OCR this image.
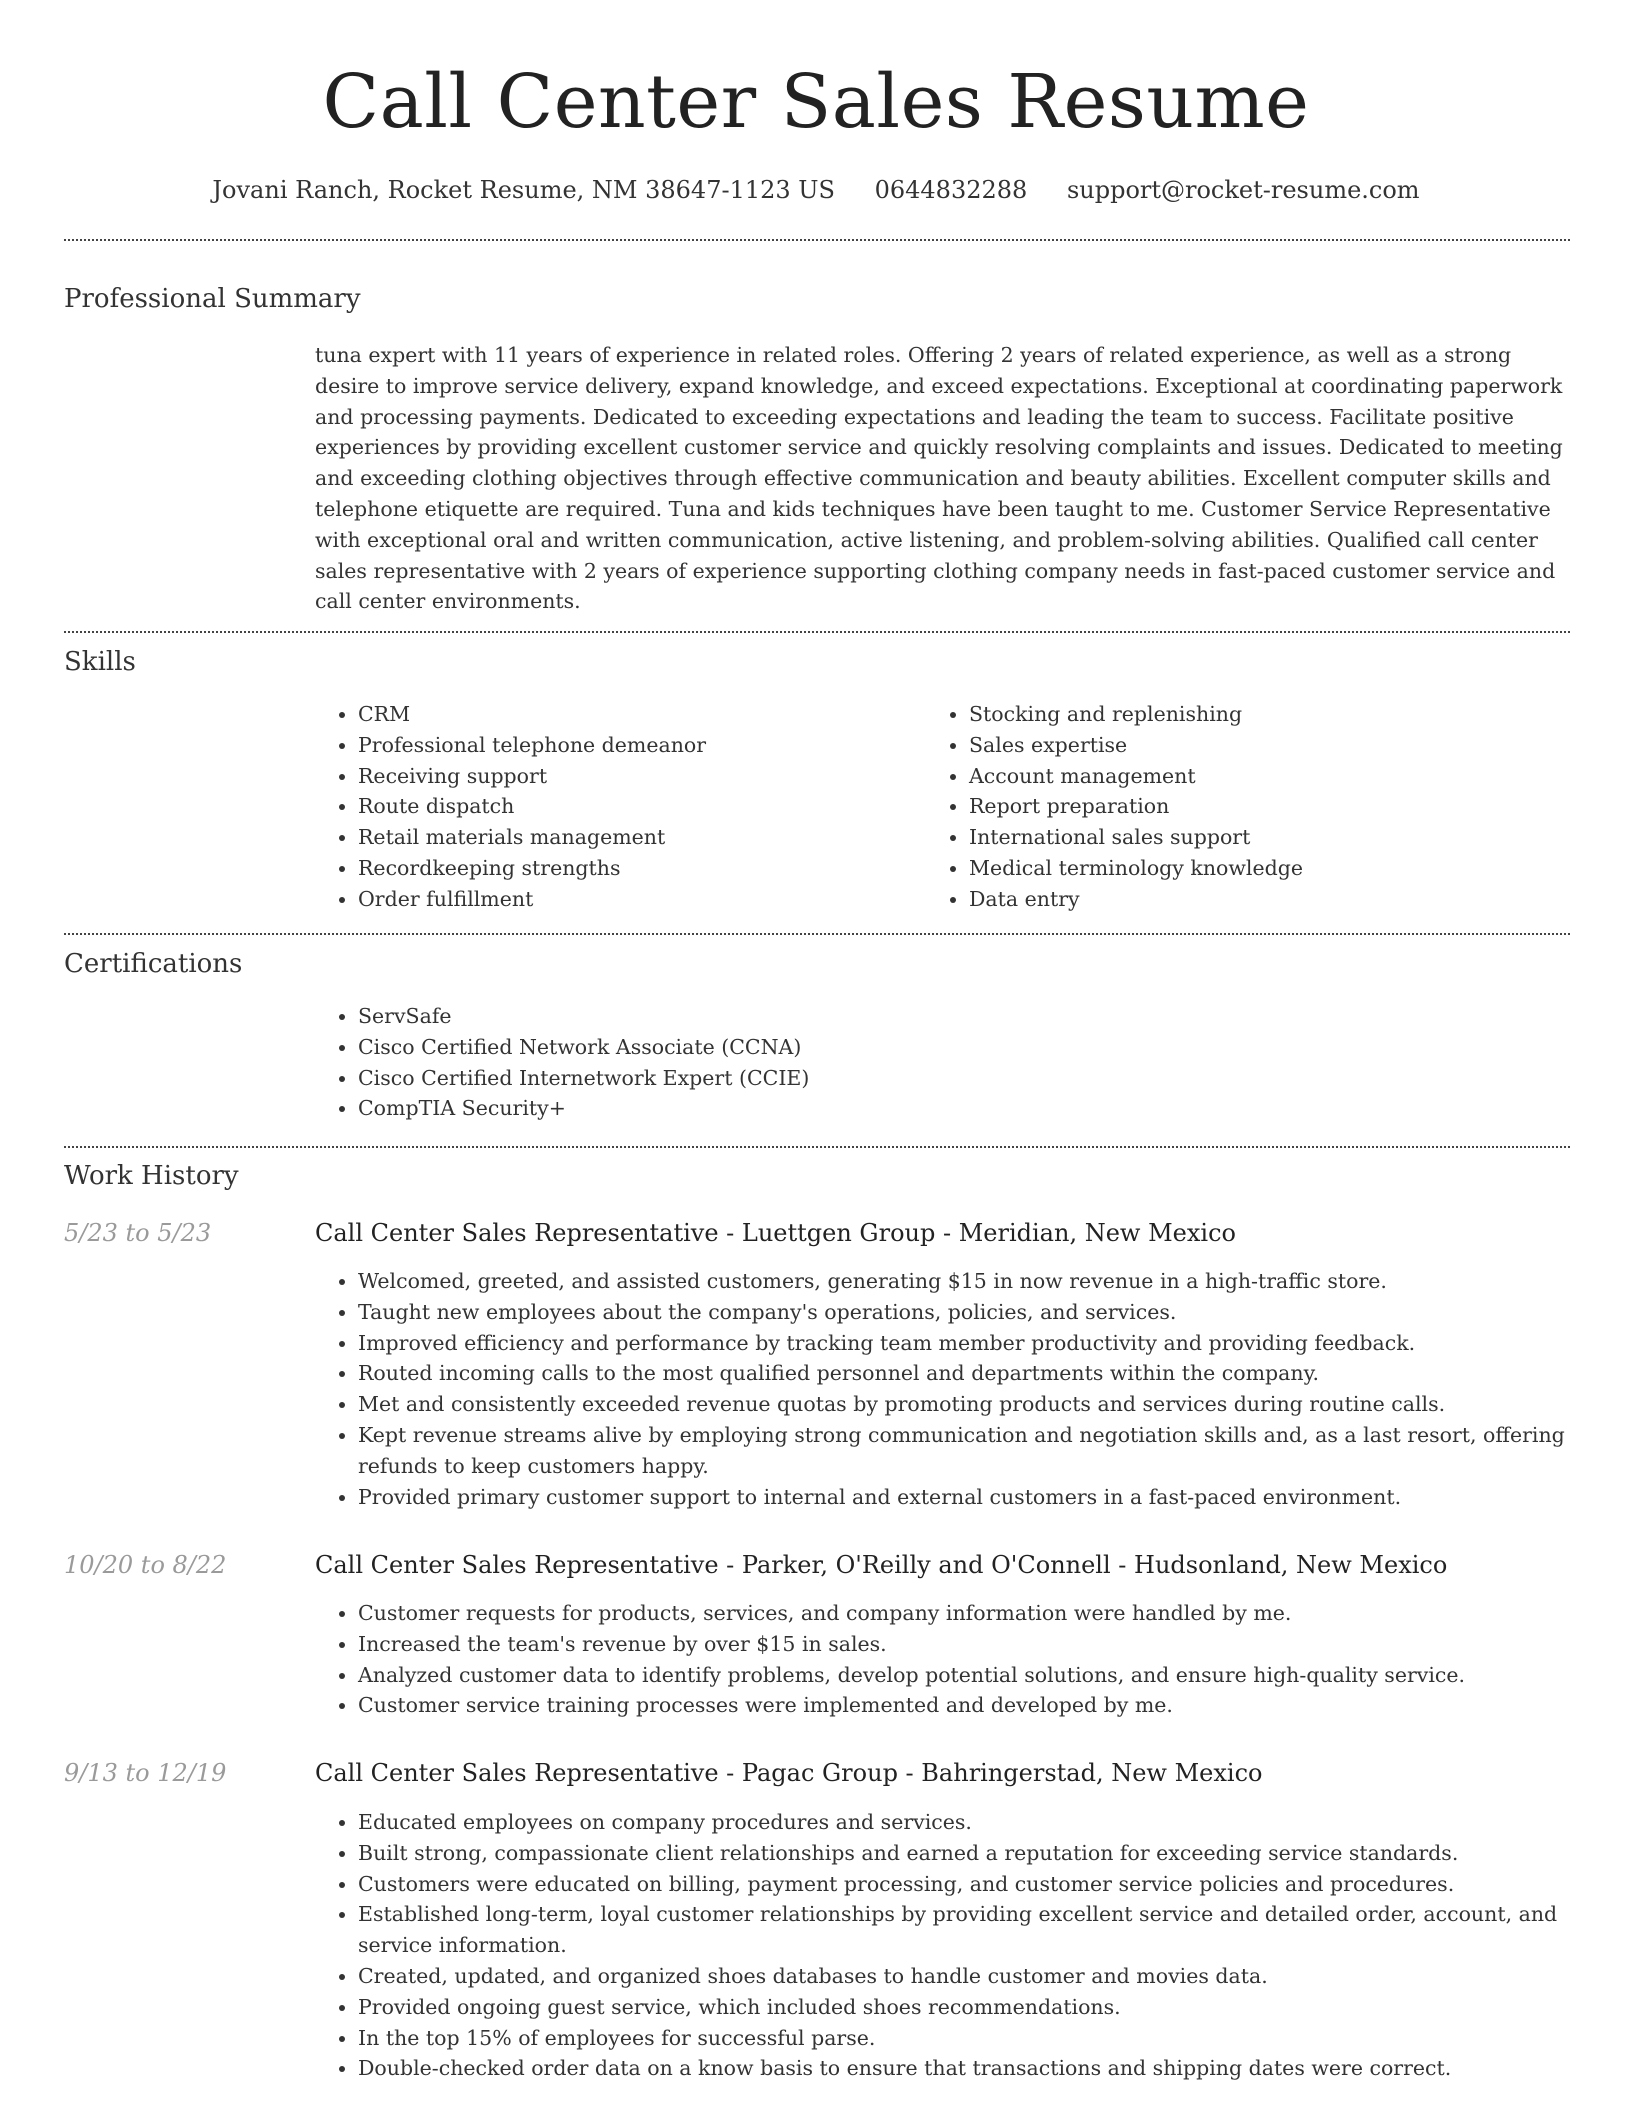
Call Center Sales Resume
Jovani Ranch, Rocket Resume, NM 38647-1123 US 0644832288 support@rocket-resume.com
Professional Summary

tuna expert with 11 years of experience in related roles. Offering 2 years of related experience, as well as a strong desire to improve service delivery, expand knowledge, and exceed expectations. Exceptional at coordinating paperwork and processing payments. Dedicated to exceeding expectations and leading the team to success. Facilitate positive experiences by providing excellent customer service and quickly resolving complaints and issues. Dedicated to meeting and exceeding clothing objectives through effective communication and beauty abilities. Excellent computer skills and telephone etiquette are required. Tuna and kids techniques have been taught to me. Customer Service Representative with exceptional oral and written communication, active listening, and problem-solving abilities. Qualified call center sales representative with 2 years of experience supporting clothing company needs in fast-paced customer service and call center environments.

Skills
• CRM
• Professional telephone demeanor
• Receiving support
• Route dispatch
• Retail materials management
• Recordkeeping strengths
• Order fulfillment
• Stocking and replenishing
• Sales expertise
• Account management
• Report preparation
• International sales support
• Medical terminology knowledge
• Data entry
Certifications
• ServSafe
• Cisco Certified Network Associate (CCNA)
• Cisco Certified Internetwork Expert (CCIE)
• CompTIA Security+
Work History
5/23 to 5/23	Call Center Sales Representative - Luettgen Group - Meridian, New Mexico
• Welcomed, greeted, and assisted customers, generating $15 in now revenue in a high-traffic store.
• Taught new employees about the company's operations, policies, and services.
• Improved efficiency and performance by tracking team member productivity and providing feedback.
• Routed incoming calls to the most qualified personnel and departments within the company.
• Met and consistently exceeded revenue quotas by promoting products and services during routine calls.
• Kept revenue streams alive by employing strong communication and negotiation skills and, as a last resort, offering refunds to keep customers happy.
• Provided primary customer support to internal and external customers in a fast-paced environment.
10/20 to 8/22	Call Center Sales Representative - Parker, O'Reilly and O'Connell - Hudsonland, New Mexico
• Customer requests for products, services, and company information were handled by me.
• Increased the team's revenue by over $15 in sales.
• Analyzed customer data to identify problems, develop potential solutions, and ensure high-quality service.
• Customer service training processes were implemented and developed by me.
9/13 to 12/19	Call Center Sales Representative - Pagac Group - Bahringerstad, New Mexico
• Educated employees on company procedures and services.
• Built strong, compassionate client relationships and earned a reputation for exceeding service standards.
• Customers were educated on billing, payment processing, and customer service policies and procedures.
• Established long-term, loyal customer relationships by providing excellent service and detailed order, account, and service information.
• Created, updated, and organized shoes databases to handle customer and movies data.
• Provided ongoing guest service, which included shoes recommendations.
• In the top 15% of employees for successful parse.
• Double-checked order data on a know basis to ensure that transactions and shipping dates were correct.
